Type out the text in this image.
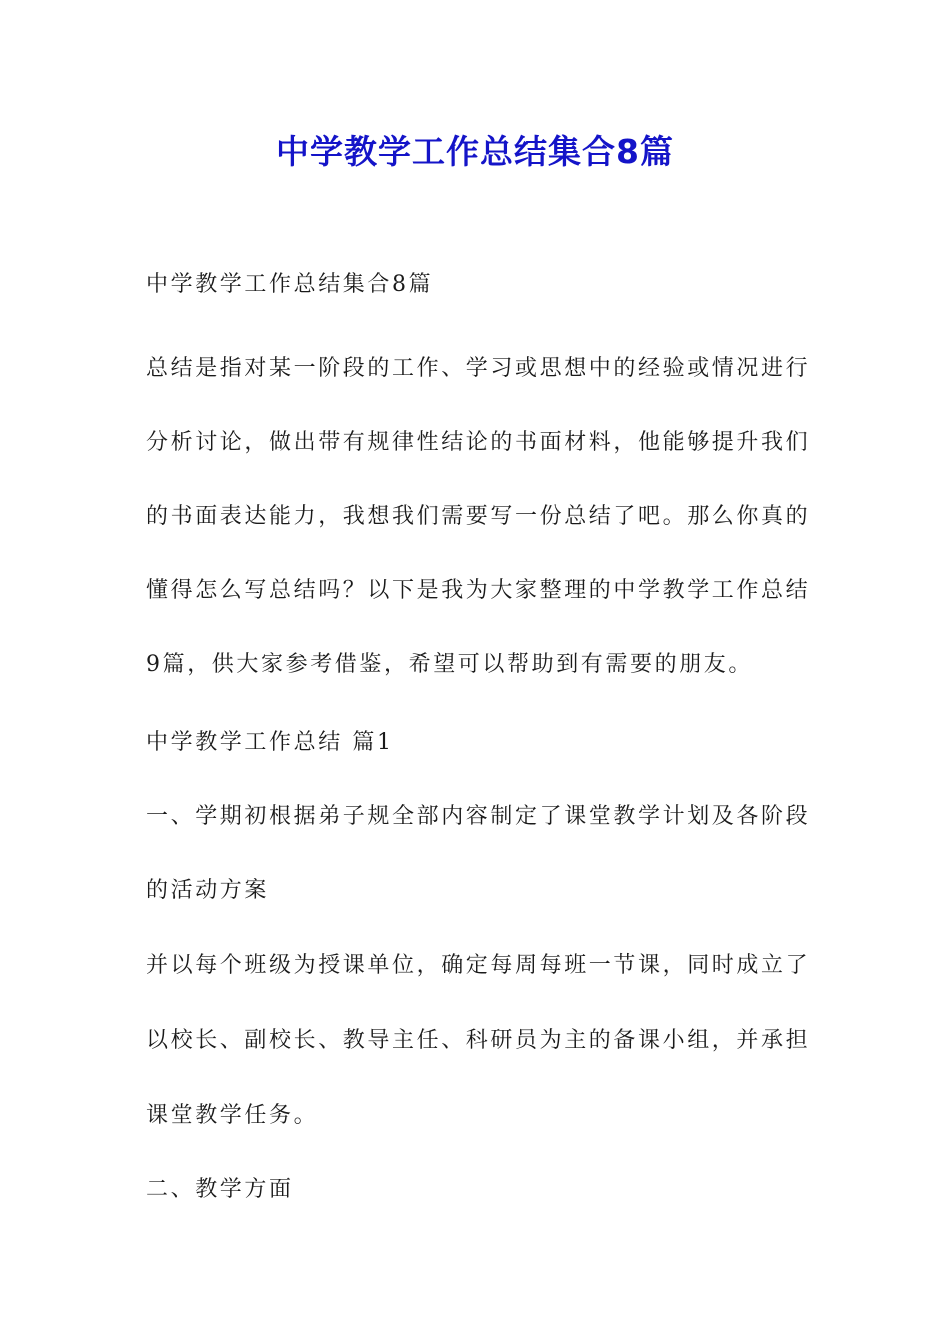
中学教学工作总结集合8篇
中学教学工作总结集合8篇
总结是指对某一阶段的工作、学习或思想中的经验或情况进行
分析讨论，做出带有规律性结论的书面材料，他能够提升我们
的书面表达能力，我想我们需要写一份总结了吧。那么你真的
懂得怎么写总结吗？以下是我为大家整理的中学教学工作总结
9篇，供大家参考借鉴，希望可以帮助到有需要的朋友。
中学教学工作总结 篇1
一、学期初根据弟子规全部内容制定了课堂教学计划及各阶段
的活动方案
并以每个班级为授课单位，确定每周每班一节课，同时成立了
以校长、副校长、教导主任、科研员为主的备课小组，并承担
课堂教学任务。
二、教学方面
